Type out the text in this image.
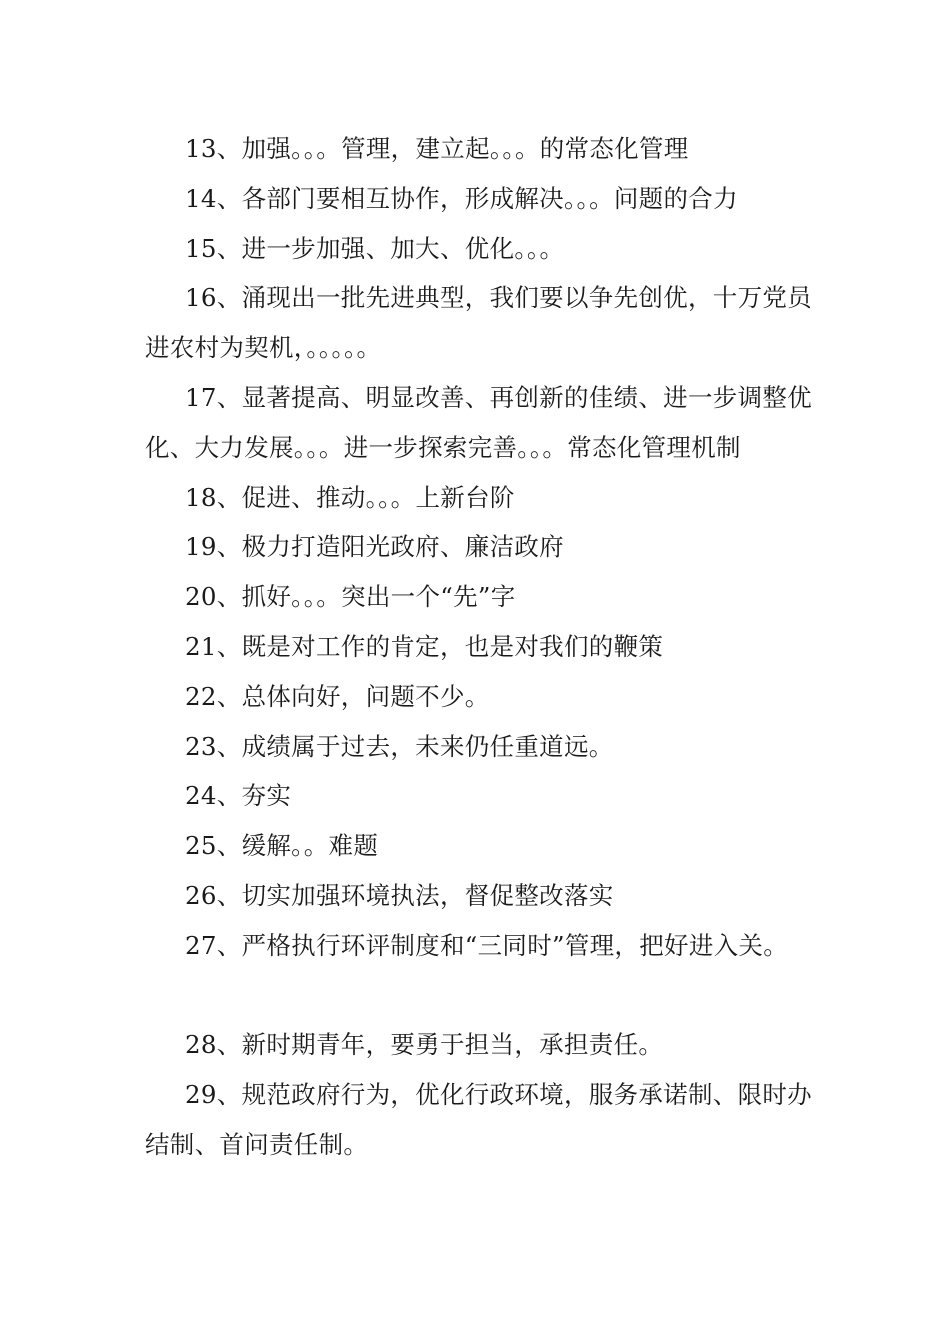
13、加强。。。管理，建立起。。。的常态化管理

14、各部门要相互协作，形成解决。。。问题的合力

15、进一步加强、加大、优化。。。

16、涌现出一批先进典型，我们要以争先创优，十万党员进农村为契机，。。。。。

17、显著提高、明显改善、再创新的佳绩、进一步调整优化、大力发展。。。进一步探索完善。。。常态化管理机制

18、促进、推动。。。上新台阶

19、极力打造阳光政府、廉洁政府

20、抓好。。。突出一个“先”字

21、既是对工作的肯定，也是对我们的鞭策

22、总体向好，问题不少。

23、成绩属于过去，未来仍任重道远。

24、夯实

25、缓解。。难题

26、切实加强环境执法，督促整改落实

27、严格执行环评制度和“三同时”管理，把好进入关。

28、新时期青年，要勇于担当，承担责任。

29、规范政府行为，优化行政环境，服务承诺制、限时办结制、首问责任制。
